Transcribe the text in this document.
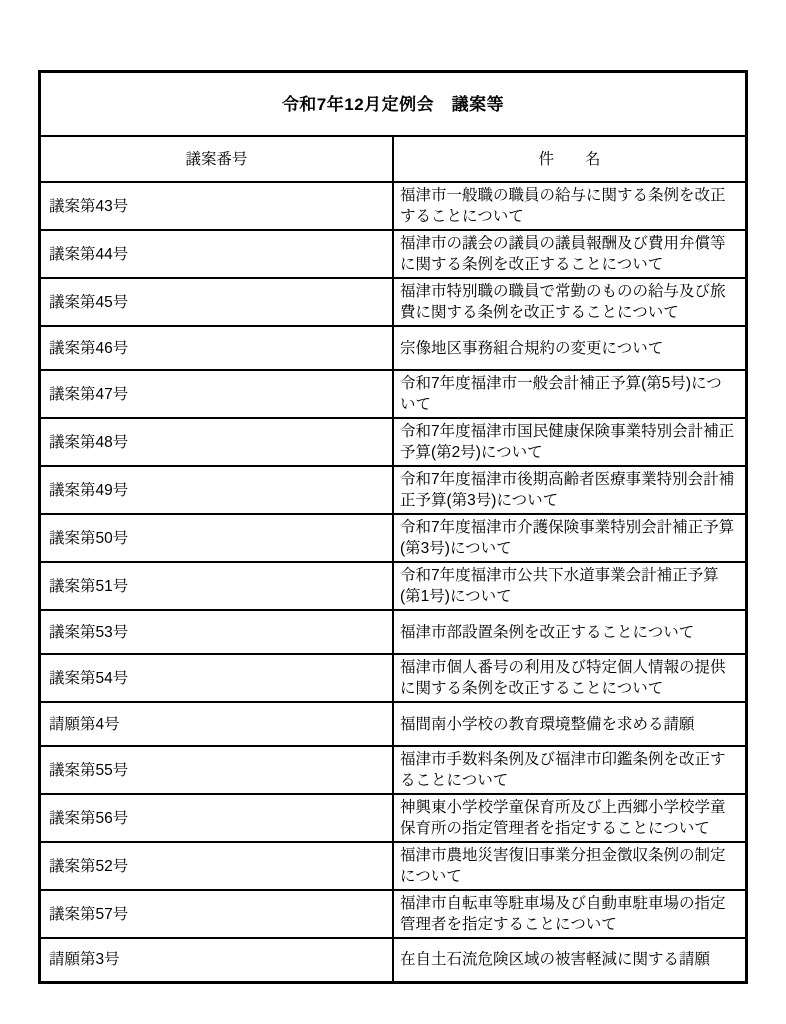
令和7年12月定例会　議案等	
議案番号	件　　名
議案第43号	福津市一般職の職員の給与に関する条例を改正することについて
議案第44号	福津市の議会の議員の議員報酬及び費用弁償等に関する条例を改正することについて
議案第45号	福津市特別職の職員で常勤のものの給与及び旅費に関する条例を改正することについて
議案第46号	宗像地区事務組合規約の変更について
議案第47号	令和7年度福津市一般会計補正予算(第5号)について
議案第48号	令和7年度福津市国民健康保険事業特別会計補正予算(第2号)について
議案第49号	令和7年度福津市後期高齢者医療事業特別会計補正予算(第3号)について
議案第50号	令和7年度福津市介護保険事業特別会計補正予算(第3号)について
議案第51号	令和7年度福津市公共下水道事業会計補正予算(第1号)について
議案第53号	福津市部設置条例を改正することについて
議案第54号	福津市個人番号の利用及び特定個人情報の提供に関する条例を改正することについて
請願第4号	福間南小学校の教育環境整備を求める請願
議案第55号	福津市手数料条例及び福津市印鑑条例を改正することについて
議案第56号	神興東小学校学童保育所及び上西郷小学校学童保育所の指定管理者を指定することについて
議案第52号	福津市農地災害復旧事業分担金徴収条例の制定について
議案第57号	福津市自転車等駐車場及び自動車駐車場の指定管理者を指定することについて
請願第3号	在自土石流危険区域の被害軽減に関する請願
